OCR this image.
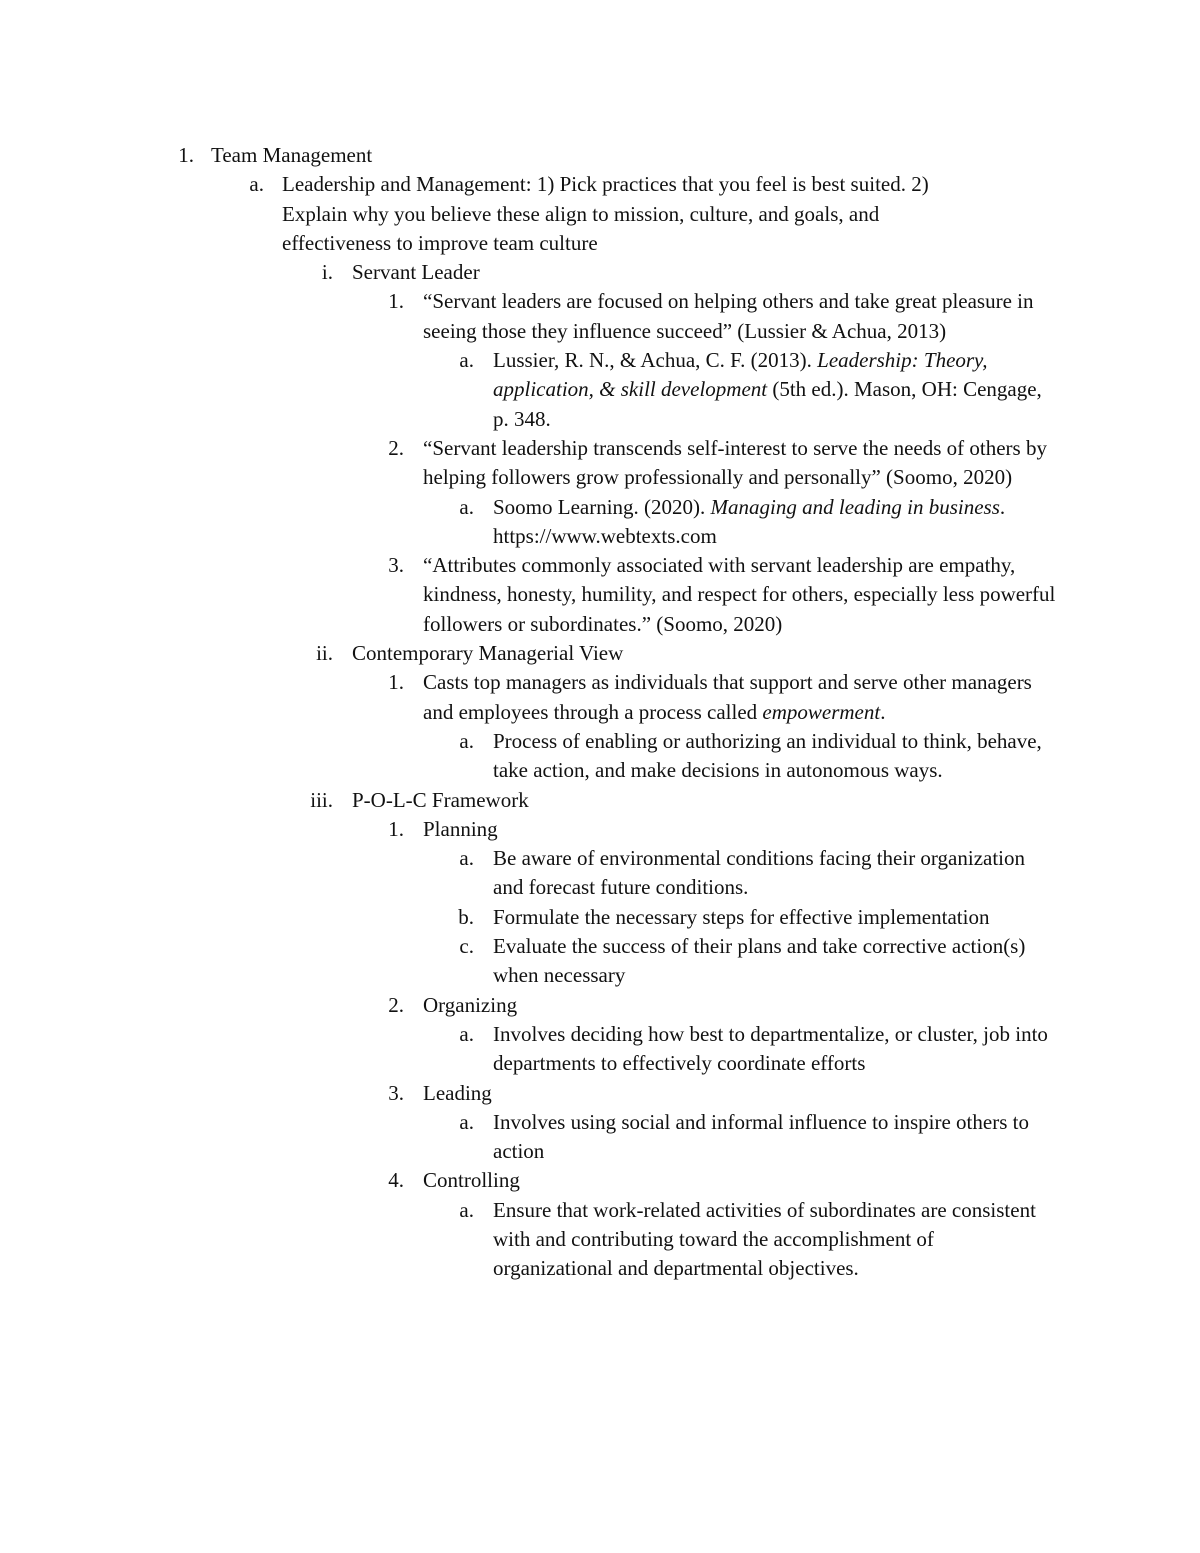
1. Team Management
a. Leadership and Management: 1) Pick practices that you feel is best suited. 2) Explain why you believe these align to mission, culture, and goals, and effectiveness to improve team culture
i. Servant Leader
1. “Servant leaders are focused on helping others and take great pleasure in seeing those they influence succeed” (Lussier & Achua, 2013)
a. Lussier, R. N., & Achua, C. F. (2013). Leadership: Theory, application, & skill development (5th ed.). Mason, OH: Cengage, p. 348.
2. “Servant leadership transcends self-interest to serve the needs of others by helping followers grow professionally and personally” (Soomo, 2020)
a. Soomo Learning. (2020). Managing and leading in business. https://www.webtexts.com
3. “Attributes commonly associated with servant leadership are empathy, kindness, honesty, humility, and respect for others, especially less powerful followers or subordinates.” (Soomo, 2020)
ii. Contemporary Managerial View
1. Casts top managers as individuals that support and serve other managers and employees through a process called empowerment.
a. Process of enabling or authorizing an individual to think, behave, take action, and make decisions in autonomous ways.
iii. P-O-L-C Framework
1. Planning
a. Be aware of environmental conditions facing their organization and forecast future conditions.
b. Formulate the necessary steps for effective implementation
c. Evaluate the success of their plans and take corrective action(s) when necessary
2. Organizing
a. Involves deciding how best to departmentalize, or cluster, job into departments to effectively coordinate efforts
3. Leading
a. Involves using social and informal influence to inspire others to action
4. Controlling
a. Ensure that work-related activities of subordinates are consistent with and contributing toward the accomplishment of organizational and departmental objectives.
